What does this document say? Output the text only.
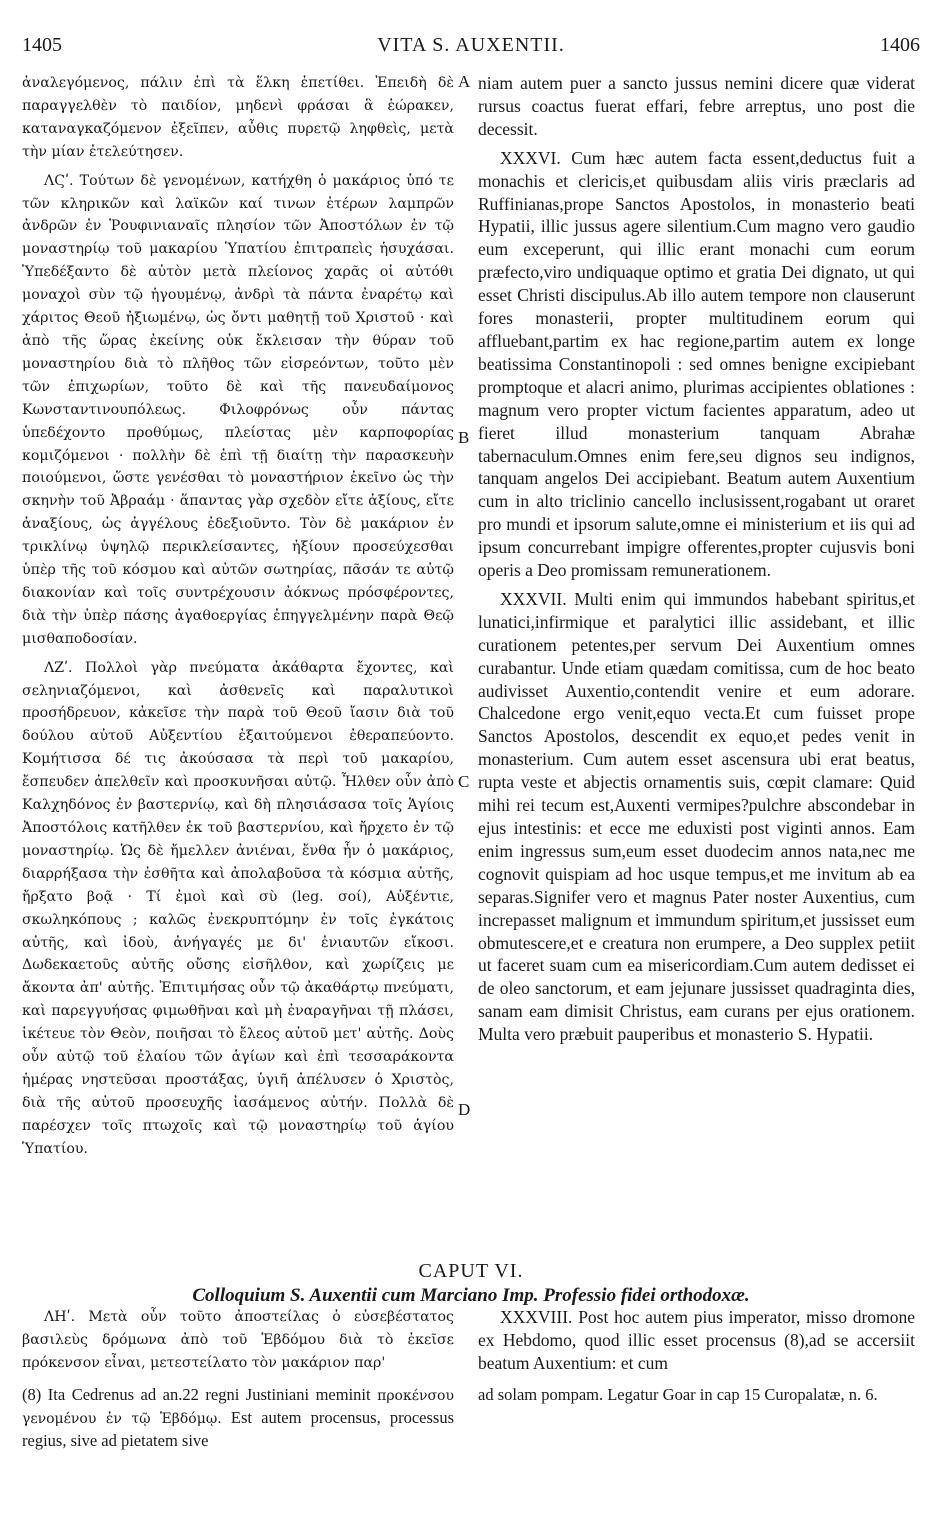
1405	VITA S. AUXENTII.	1406
A
B
C
D

ἀναλεγόμενος, πάλιν ἐπὶ τὰ ἕλκη ἐπετίθει. Ἐπειδὴ δὲ παραγγελθὲν τὸ παιδίον, μηδενὶ φράσαι ἃ ἑώρακεν, καταναγκαζόμενον ἐξεῖπεν, αὖθις πυρετῷ ληφθεὶς, μετὰ τὴν μίαν ἐτελεύτησεν.

ΛϚʹ. Τούτων δὲ γενομένων, κατήχθη ὁ μακάριος ὑπό τε τῶν κληρικῶν καὶ λαϊκῶν καί τινων ἑτέρων λαμπρῶν ἀνδρῶν ἐν Ῥουφινιαναῖς πλησίον τῶν Ἀποστόλων ἐν τῷ μοναστηρίῳ τοῦ μακαρίου Ὑπατίου ἐπιτραπεὶς ἡσυχάσαι. Ὑπεδέξαντο δὲ αὐτὸν μετὰ πλείονος χαρᾶς οἱ αὐτόθι μοναχοὶ σὺν τῷ ἡγουμένῳ, ἀνδρὶ τὰ πάντα ἐναρέτῳ καὶ χάριτος Θεοῦ ἠξιωμένῳ, ὡς ὄντι μαθητῇ τοῦ Χριστοῦ · καὶ ἀπὸ τῆς ὥρας ἐκείνης οὐκ ἔκλεισαν τὴν θύραν τοῦ μοναστηρίου διὰ τὸ πλῆθος τῶν εἰσρεόντων, τοῦτο μὲν τῶν ἐπιχωρίων, τοῦτο δὲ καὶ τῆς πανευδαίμονος Κωνσταντινουπόλεως. Φιλοφρόνως οὖν πάντας ὑπεδέχοντο προθύμως, πλείστας μὲν καρποφορίας κομιζόμενοι · πολλὴν δὲ ἐπὶ τῇ διαίτῃ τὴν παρασκευὴν ποιούμενοι, ὥστε γενέσθαι τὸ μοναστήριον ἐκεῖνο ὡς τὴν σκηνὴν τοῦ Ἀβραάμ · ἅπαντας γὰρ σχεδὸν εἴτε ἀξίους, εἴτε ἀναξίους, ὡς ἀγγέλους ἐδεξιοῦντο. Τὸν δὲ μακάριον ἐν τρικλίνῳ ὑψηλῷ περικλείσαντες, ἠξίουν προσεύχεσθαι ὑπὲρ τῆς τοῦ κόσμου καὶ αὐτῶν σωτηρίας, πᾶσάν τε αὐτῷ διακονίαν καὶ τοῖς συντρέχουσιν ἀόκνως πρόσφέροντες, διὰ τὴν ὑπὲρ πάσης ἀγαθοεργίας ἐπηγγελμένην παρὰ Θεῷ μισθαποδοσίαν.

ΛΖʹ. Πολλοὶ γὰρ πνεύματα ἀκάθαρτα ἔχοντες, καὶ σεληνιαζόμενοι, καὶ ἀσθενεῖς καὶ παραλυτικοὶ προσήδρευον, κἀκεῖσε τὴν παρὰ τοῦ Θεοῦ ἴασιν διὰ τοῦ δούλου αὐτοῦ Αὐξεντίου ἐξαιτούμενοι ἐθεραπεύοντο. Κομήτισσα δέ τις ἀκούσασα τὰ περὶ τοῦ μακαρίου, ἔσπευδεν ἀπελθεῖν καὶ προσκυνῆσαι αὐτῷ. Ἦλθεν οὖν ἀπὸ Καλχηδόνος ἐν βαστερνίῳ, καὶ δὴ πλησιάσασα τοῖς Ἁγίοις Ἀποστόλοις κατῆλθεν ἐκ τοῦ βαστερνίου, καὶ ἤρχετο ἐν τῷ μοναστηρίῳ. Ὡς δὲ ἤμελλεν ἀνιέναι, ἔνθα ἦν ὁ μακάριος, διαρρήξασα τὴν ἐσθῆτα καὶ ἀπολαβοῦσα τὰ κόσμια αὐτῆς, ἤρξατο βοᾷ · Τί ἐμοὶ καὶ σὺ (leg. σοί), Αὐξέντιε, σκωληκόπους ; καλῶς ἐνεκρυπτόμην ἐν τοῖς ἐγκάτοις αὐτῆς, καὶ ἰδοὺ, ἀνήγαγές με δι' ἐνιαυτῶν εἴκοσι. Δωδεκαετοῦς αὐτῆς οὔσης εἰσῆλθον, καὶ χωρίζεις με ἄκοντα ἀπ' αὐτῆς. Ἐπιτιμήσας οὖν τῷ ἀκαθάρτῳ πνεύματι, καὶ παρεγγυήσας φιμωθῆναι καὶ μὴ ἐναραγῆναι τῇ πλάσει, ἱκέτευε τὸν Θεὸν, ποιῆσαι τὸ ἔλεος αὐτοῦ μετ' αὐτῆς. Δοὺς οὖν αὐτῷ τοῦ ἐλαίου τῶν ἁγίων καὶ ἐπὶ τεσσαράκοντα ἡμέρας νηστεῦσαι προστάξας, ὑγιῆ ἀπέλυσεν ὁ Χριστὸς, διὰ τῆς αὐτοῦ προσευχῆς ἰασάμενος αὐτήν. Πολλὰ δὲ παρέσχεν τοῖς πτωχοῖς καὶ τῷ μοναστηρίῳ τοῦ ἁγίου Ὑπατίου.

niam autem puer a sancto jussus nemini dicere quæ viderat rursus coactus fuerat effari, febre arreptus, uno post die decessit.

XXXVI. Cum hæc autem facta essent,deductus fuit a monachis et clericis,et quibusdam aliis viris præclaris ad Ruffinianas,prope Sanctos Apostolos, in monasterio beati Hypatii, illic jussus agere silentium.Cum magno vero gaudio eum exceperunt, qui illic erant monachi cum eorum præfecto,viro undiquaque optimo et gratia Dei dignato, ut qui esset Christi discipulus.Ab illo autem tempore non clauserunt fores monasterii, propter multitudinem eorum qui affluebant,partim ex hac regione,partim autem ex longe beatissima Constantinopoli : sed omnes benigne excipiebant promptoque et alacri animo, plurimas accipientes oblationes : magnum vero propter victum facientes apparatum, adeo ut fieret illud monasterium tanquam Abrahæ tabernaculum.Omnes enim fere,seu dignos seu indignos, tanquam angelos Dei accipiebant. Beatum autem Auxentium cum in alto triclinio cancello inclusissent,rogabant ut oraret pro mundi et ipsorum salute,omne ei ministerium et iis qui ad ipsum concurrebant impigre offerentes,propter cujusvis boni operis a Deo promissam remunerationem.

XXXVII. Multi enim qui immundos habebant spiritus,et lunatici,infirmique et paralytici illic assidebant, et illic curationem petentes,per servum Dei Auxentium omnes curabantur. Unde etiam quædam comitissa, cum de hoc beato audivisset Auxentio,contendit venire et eum adorare. Chalcedone ergo venit,equo vecta.Et cum fuisset prope Sanctos Apostolos, descendit ex equo,et pedes venit in monasterium. Cum autem esset ascensura ubi erat beatus, rupta veste et abjectis ornamentis suis, cœpit clamare: Quid mihi rei tecum est,Auxenti vermipes?pulchre abscondebar in ejus intestinis: et ecce me eduxisti post viginti annos. Eam enim ingressus sum,eum esset duodecim annos nata,nec me cognovit quispiam ad hoc usque tempus,et me invitum ab ea separas.Signifer vero et magnus Pater noster Auxentius, cum increpasset malignum et immundum spiritum,et jussisset eum obmutescere,et e creatura non erumpere, a Deo supplex petiit ut faceret suam cum ea misericordiam.Cum autem dedisset ei de oleo sanctorum, et eam jejunare jussisset quadraginta dies, sanam eam dimisit Christus, eam curans per ejus orationem. Multa vero præbuit pauperibus et monasterio S. Hypatii.

CAPUT VI.
Colloquium S. Auxentii cum Marciano Imp. Professio fidei orthodoxæ.

ΛΗʹ. Μετὰ οὖν τοῦτο ἀποστείλας ὁ εὐσεβέστατος βασιλεὺς δρόμωνα ἀπὸ τοῦ Ἑβδόμου διὰ τὸ ἐκεῖσε πρόκενσον εἶναι, μετεστείλατο τὸν μακάριον παρ'

XXXVIII. Post hoc autem pius imperator, misso dromone ex Hebdomo, quod illic esset procensus (8),ad se accersiit beatum Auxentium: et cum

(8) Ita Cedrenus ad an.22 regni Justiniani meminit προκένσου γενομένου ἐν τῷ Ἑβδόμῳ. Est autem procensus, processus regius, sive ad pietatem sive
ad solam pompam. Legatur Goar in cap 15 Curopalatæ, n. 6.
